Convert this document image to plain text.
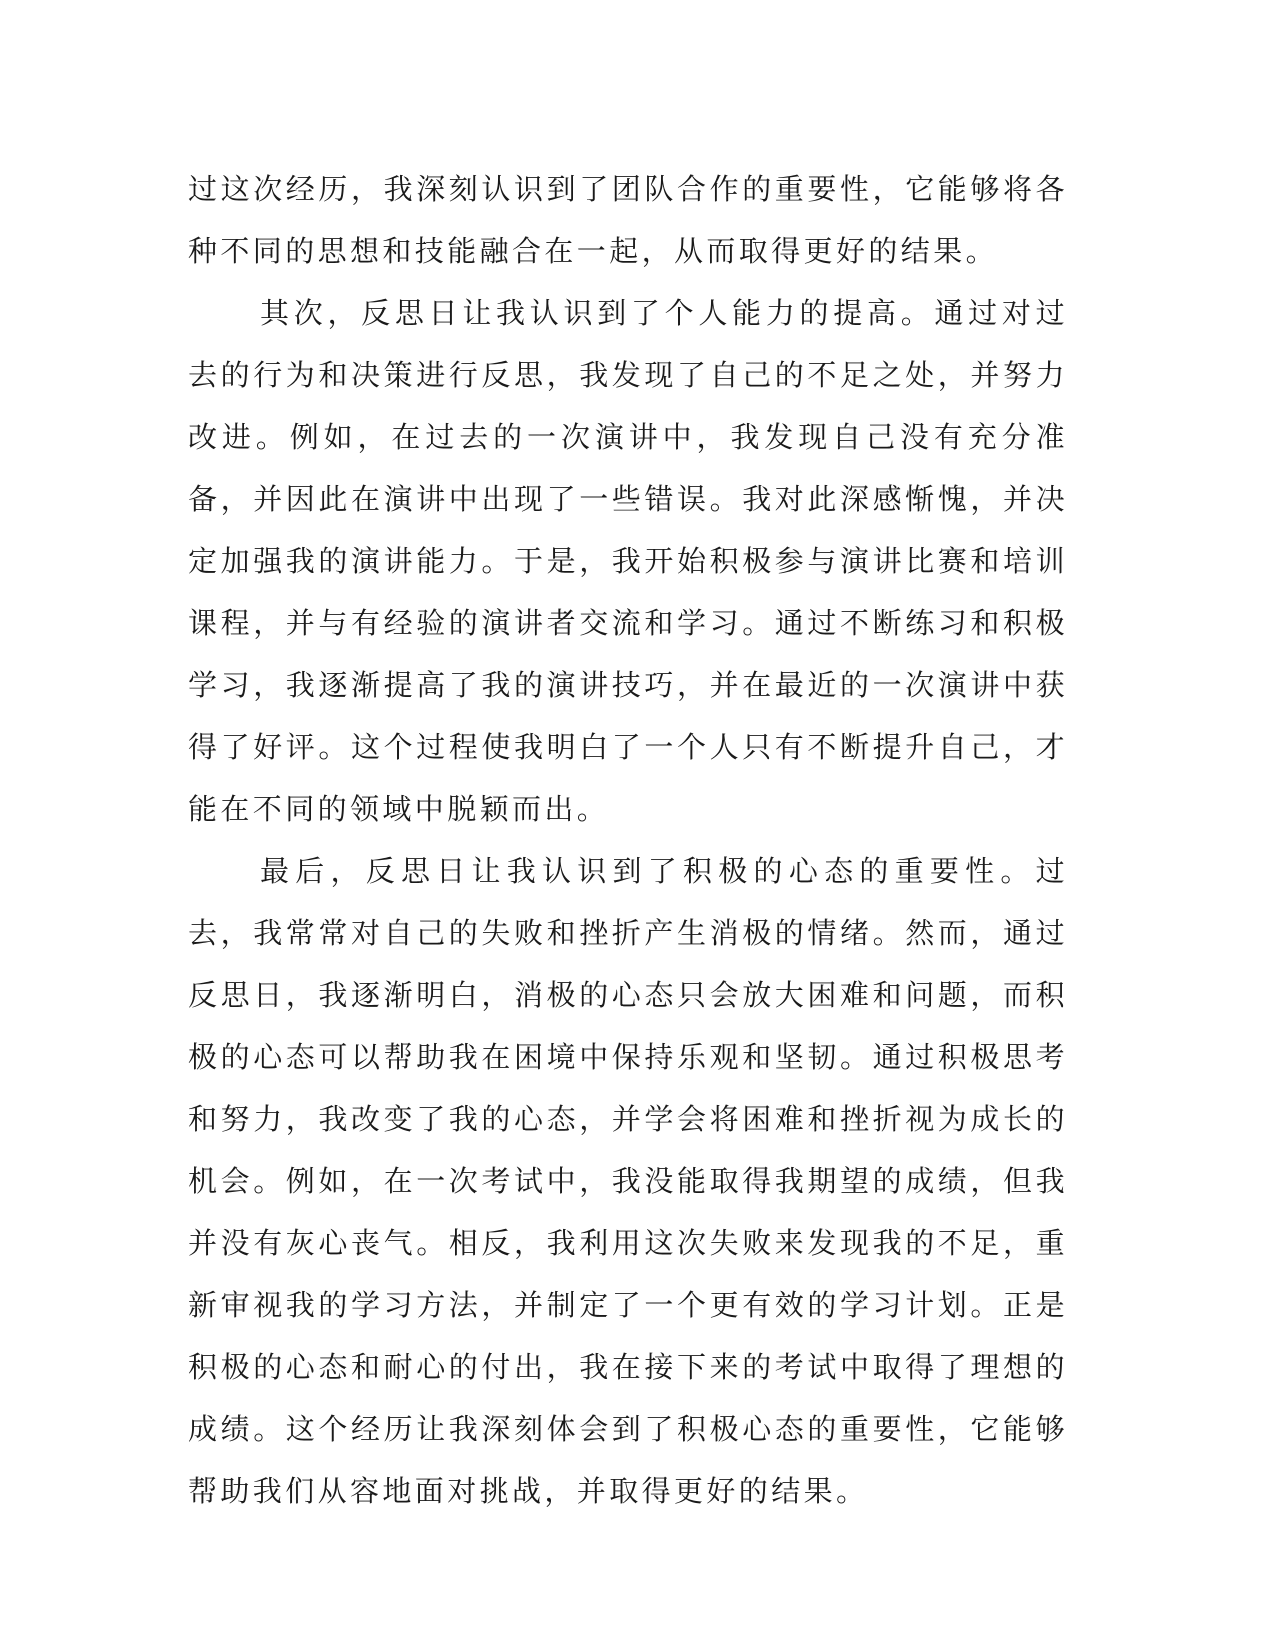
过这次经历，我深刻认识到了团队合作的重要性，它能够将各种不同的思想和技能融合在一起，从而取得更好的结果。

其次，反思日让我认识到了个人能力的提高。通过对过去的行为和决策进行反思，我发现了自己的不足之处，并努力改进。例如，在过去的一次演讲中，我发现自己没有充分准备，并因此在演讲中出现了一些错误。我对此深感惭愧，并决定加强我的演讲能力。于是，我开始积极参与演讲比赛和培训课程，并与有经验的演讲者交流和学习。通过不断练习和积极学习，我逐渐提高了我的演讲技巧，并在最近的一次演讲中获得了好评。这个过程使我明白了一个人只有不断提升自己，才能在不同的领域中脱颖而出。

最后，反思日让我认识到了积极的心态的重要性。过去，我常常对自己的失败和挫折产生消极的情绪。然而，通过反思日，我逐渐明白，消极的心态只会放大困难和问题，而积极的心态可以帮助我在困境中保持乐观和坚韧。通过积极思考和努力，我改变了我的心态，并学会将困难和挫折视为成长的机会。例如，在一次考试中，我没能取得我期望的成绩，但我并没有灰心丧气。相反，我利用这次失败来发现我的不足，重新审视我的学习方法，并制定了一个更有效的学习计划。正是积极的心态和耐心的付出，我在接下来的考试中取得了理想的成绩。这个经历让我深刻体会到了积极心态的重要性，它能够帮助我们从容地面对挑战，并取得更好的结果。
